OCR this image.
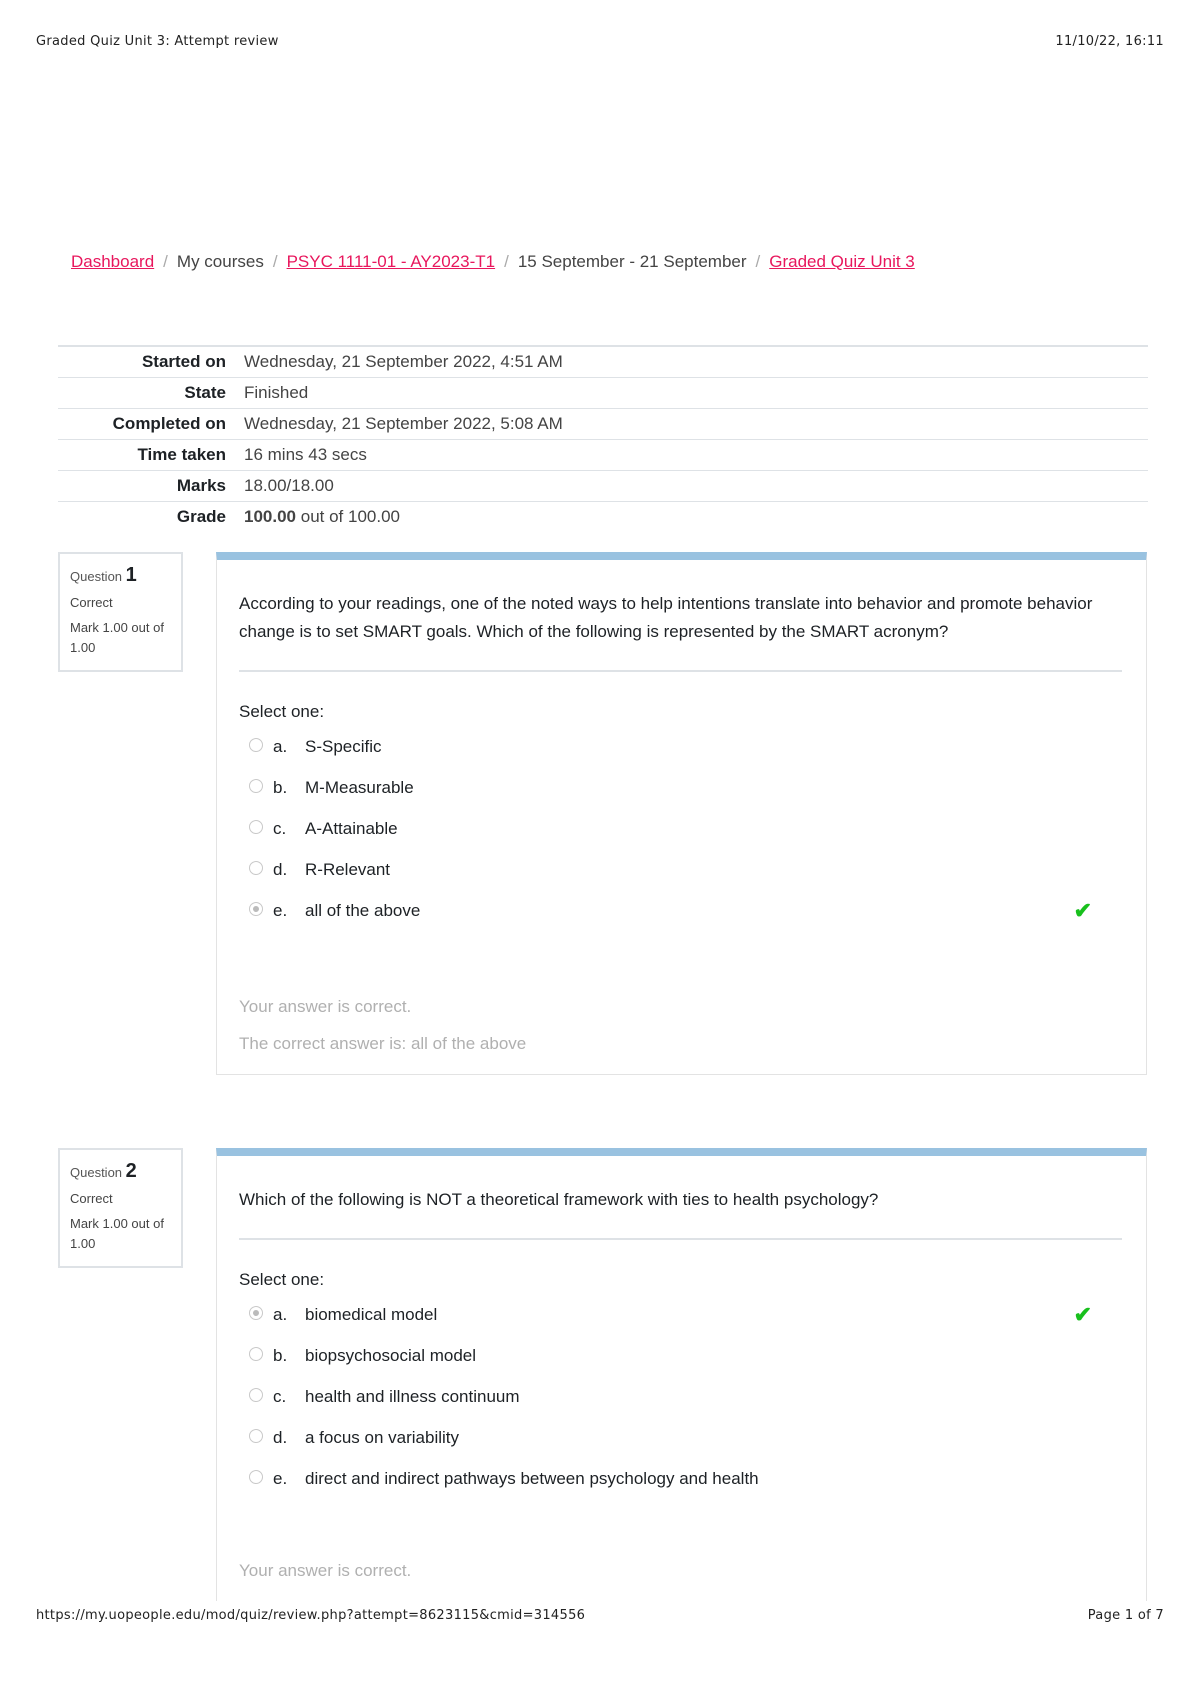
Graded Quiz Unit 3: Attempt review	11/10/22, 16:11
Dashboard / My courses / PSYC 1111-01 - AY2023-T1 / 15 September - 21 September / Graded Quiz Unit 3
Started on	Wednesday, 21 September 2022, 4:51 AM
State	Finished
Completed on	Wednesday, 21 September 2022, 5:08 AM
Time taken	16 mins 43 secs
Marks	18.00/18.00
Grade	100.00 out of 100.00
Question 1
Correct
Mark 1.00 out of 1.00
According to your readings, one of the noted ways to help intentions translate into behavior and promote behavior change is to set SMART goals. Which of the following is represented by the SMART acronym?
Select one:
a.	S-Specific
b.	M-Measurable
c.	A-Attainable
d.	R-Relevant
e.	all of the above	✔
Your answer is correct.
The correct answer is: all of the above
Question 2
Correct
Mark 1.00 out of 1.00
Which of the following is NOT a theoretical framework with ties to health psychology?
Select one:
a.	biomedical model	✔
b.	biopsychosocial model
c.	health and illness continuum
d.	a focus on variability
e.	direct and indirect pathways between psychology and health
Your answer is correct.
https://my.uopeople.edu/mod/quiz/review.php?attempt=8623115&cmid=314556	Page 1 of 7
